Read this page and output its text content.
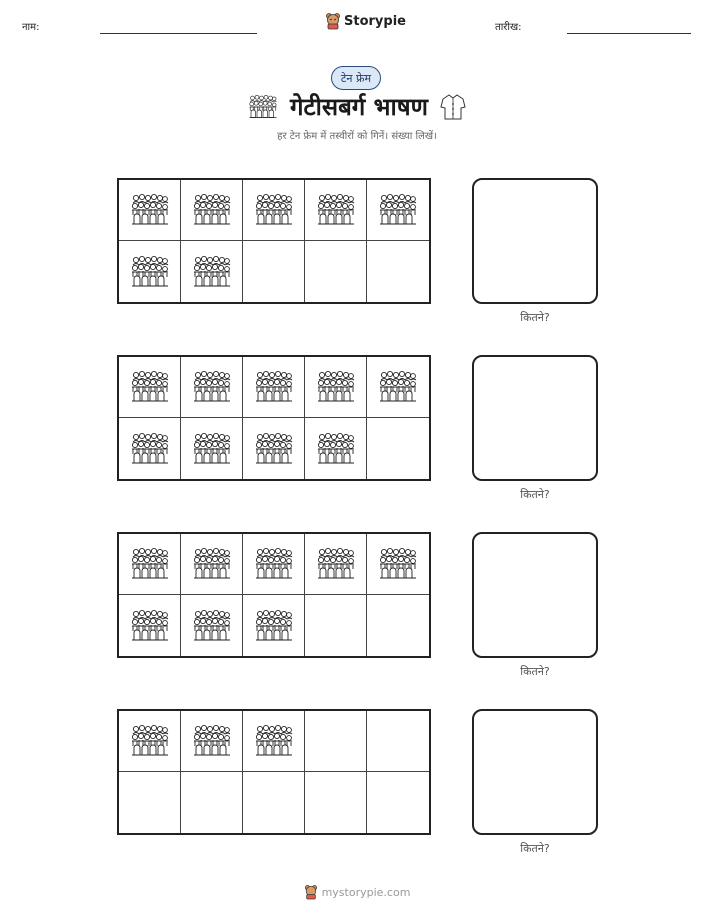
नाम:	Storypie	तारीख:
टेन फ्रेम
गेटीसबर्ग भाषण
हर टेन फ्रेम में तस्वीरों को गिनें। संख्या लिखें।
कितने?
कितने?
कितने?
कितने?
mystorypie.com
